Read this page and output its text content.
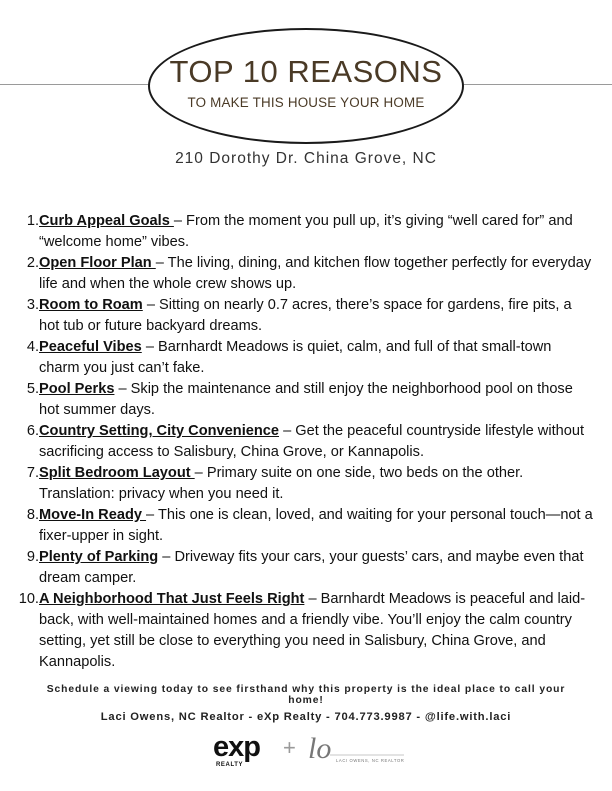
TOP 10 REASONS
TO MAKE THIS HOUSE YOUR HOME
210 Dorothy Dr. China Grove, NC
1. Curb Appeal Goals – From the moment you pull up, it’s giving “well cared for” and “welcome home” vibes.
2. Open Floor Plan – The living, dining, and kitchen flow together perfectly for everyday life and when the whole crew shows up.
3. Room to Roam – Sitting on nearly 0.7 acres, there’s space for gardens, fire pits, a hot tub or future backyard dreams.
4. Peaceful Vibes – Barnhardt Meadows is quiet, calm, and full of that small-town charm you just can’t fake.
5. Pool Perks – Skip the maintenance and still enjoy the neighborhood pool on those hot summer days.
6. Country Setting, City Convenience – Get the peaceful countryside lifestyle without sacrificing access to Salisbury, China Grove, or Kannapolis.
7. Split Bedroom Layout – Primary suite on one side, two beds on the other. Translation: privacy when you need it.
8. Move-In Ready – This one is clean, loved, and waiting for your personal touch—not a fixer-upper in sight.
9. Plenty of Parking – Driveway fits your cars, your guests’ cars, and maybe even that dream camper.
10. A Neighborhood That Just Feels Right – Barnhardt Meadows is peaceful and laid-back, with well-maintained homes and a friendly vibe. You’ll enjoy the calm country setting, yet still be close to everything you need in Salisbury, China Grove, and Kannapolis.
Schedule a viewing today to see firsthand why this property is the ideal place to call your home!
Laci Owens, NC Realtor - eXp Realty - 704.773.9987 - @life.with.laci
exp
REALTY
+ lo LACI OWENS, NC REALTOR
